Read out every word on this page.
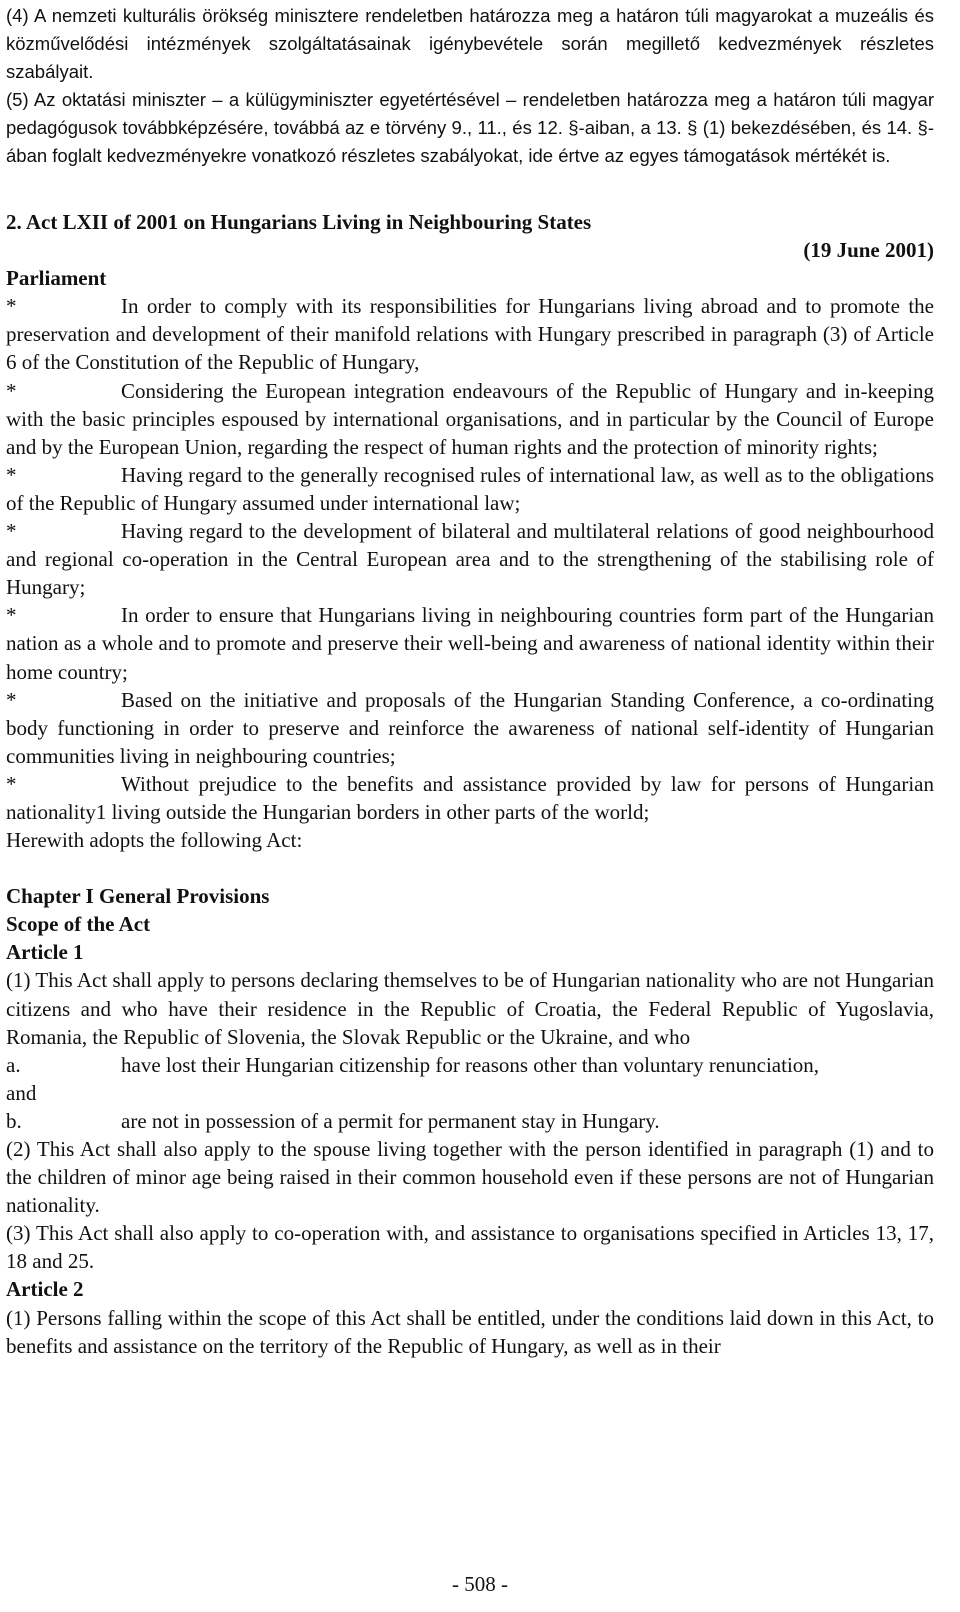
(4) A nemzeti kulturális örökség minisztere rendeletben határozza meg a határon túli magyarokat a muzeális és közművelődési intézmények szolgáltatásainak igénybevétele során megillető kedvezmények részletes szabályait.

(5) Az oktatási miniszter – a külügyminiszter egyetértésével – rendeletben határozza meg a határon túli magyar pedagógusok továbbképzésére, továbbá az e törvény 9., 11., és 12. §-aiban, a 13. § (1) bekezdésében, és 14. §-ában foglalt kedvezményekre vonatkozó részletes szabályokat, ide értve az egyes támogatások mértékét is.

2. Act LXII of 2001 on Hungarians Living in Neighbouring States

(19 June 2001)

Parliament

*	In order to comply with its responsibilities for Hungarians living abroad and to promote the preservation and development of their manifold relations with Hungary prescribed in paragraph (3) of Article 6 of the Constitution of the Republic of Hungary,

*	Considering the European integration endeavours of the Republic of Hungary and in-keeping with the basic principles espoused by international organisations, and in particular by the Council of Europe and by the European Union, regarding the respect of human rights and the protection of minority rights;

*	Having regard to the generally recognised rules of international law, as well as to the obligations of the Republic of Hungary assumed under international law;

*	Having regard to the development of bilateral and multilateral relations of good neighbourhood and regional co-operation in the Central European area and to the strengthening of the stabilising role of Hungary;

*	In order to ensure that Hungarians living in neighbouring countries form part of the Hungarian nation as a whole and to promote and preserve their well-being and awareness of national identity within their home country;

*	Based on the initiative and proposals of the Hungarian Standing Conference, a co-ordinating body functioning in order to preserve and reinforce the awareness of national self-identity of Hungarian communities living in neighbouring countries;

*	Without prejudice to the benefits and assistance provided by law for persons of Hungarian nationality1 living outside the Hungarian borders in other parts of the world;

Herewith adopts the following Act:

Chapter I General Provisions

Scope of the Act

Article 1

(1) This Act shall apply to persons declaring themselves to be of Hungarian nationality who are not Hungarian citizens and who have their residence in the Republic of Croatia, the Federal Republic of Yugoslavia, Romania, the Republic of Slovenia, the Slovak Republic or the Ukraine, and who

a.	have lost their Hungarian citizenship for reasons other than voluntary renunciation,

and

b.	are not in possession of a permit for permanent stay in Hungary.

(2) This Act shall also apply to the spouse living together with the person identified in paragraph (1) and to the children of minor age being raised in their common household even if these persons are not of Hungarian nationality.

(3) This Act shall also apply to co-operation with, and assistance to organisations specified in Articles 13, 17, 18 and 25.

Article 2

(1) Persons falling within the scope of this Act shall be entitled, under the conditions laid down in this Act, to benefits and assistance on the territory of the Republic of Hungary, as well as in their

- 508 -
